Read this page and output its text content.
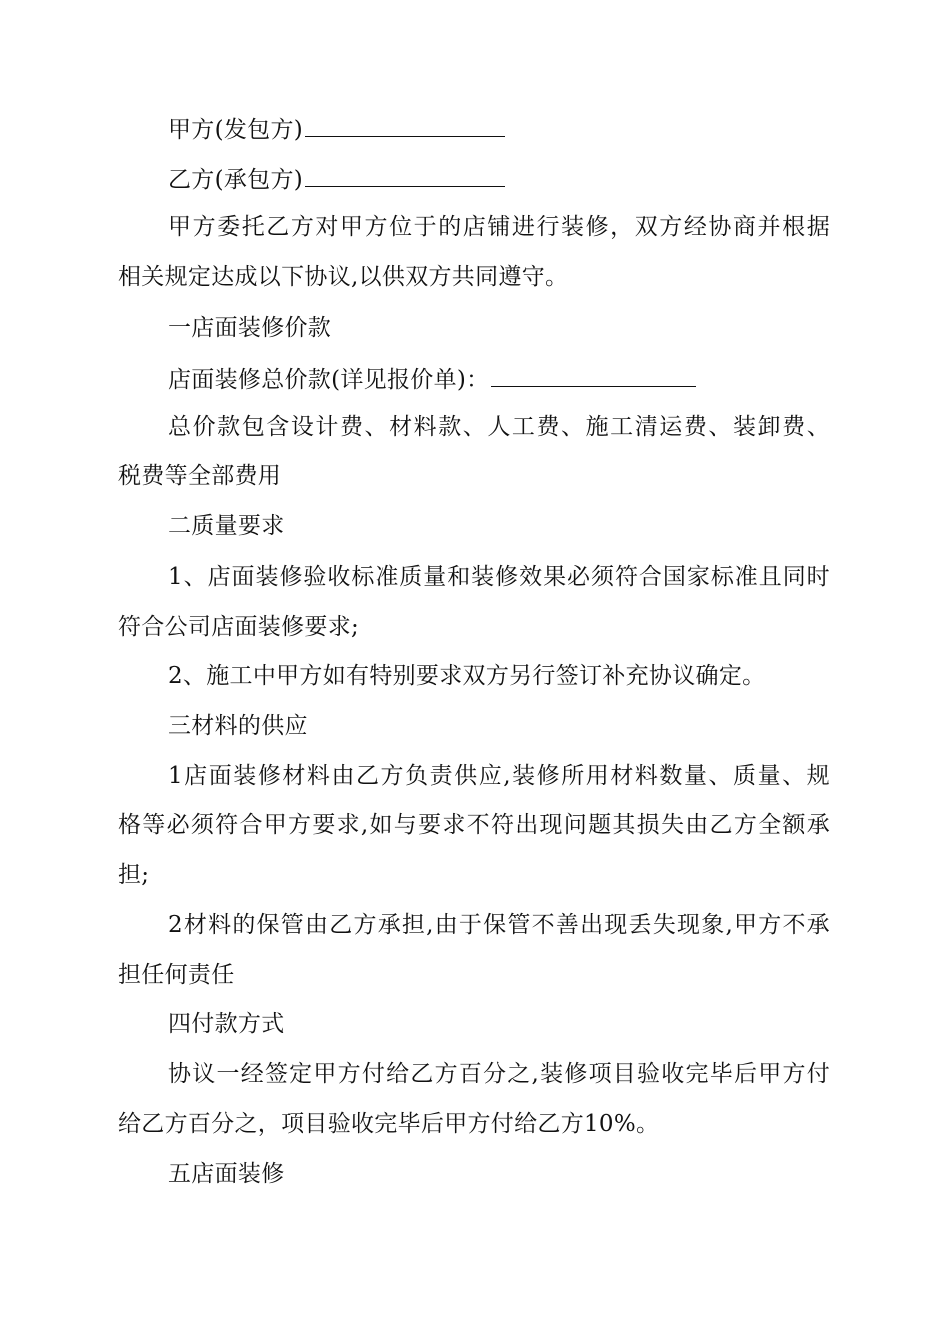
甲方(发包方)
乙方(承包方)
甲方委托乙方对甲方位于的店铺进行装修，双方经协商并根据
相关规定达成以下协议,以供双方共同遵守。
一店面装修价款
店面装修总价款(详见报价单)：
总价款包含设计费、材料款、人工费、施工清运费、装卸费、
税费等全部费用
二质量要求
1、店面装修验收标准质量和装修效果必须符合国家标准且同时
符合公司店面装修要求;
2、施工中甲方如有特别要求双方另行签订补充协议确定。
三材料的供应
1店面装修材料由乙方负责供应,装修所用材料数量、质量、规
格等必须符合甲方要求,如与要求不符出现问题其损失由乙方全额承
担;
2材料的保管由乙方承担,由于保管不善出现丢失现象,甲方不承
担任何责任
四付款方式
协议一经签定甲方付给乙方百分之,装修项目验收完毕后甲方付
给乙方百分之，项目验收完毕后甲方付给乙方10%。
五店面装修
